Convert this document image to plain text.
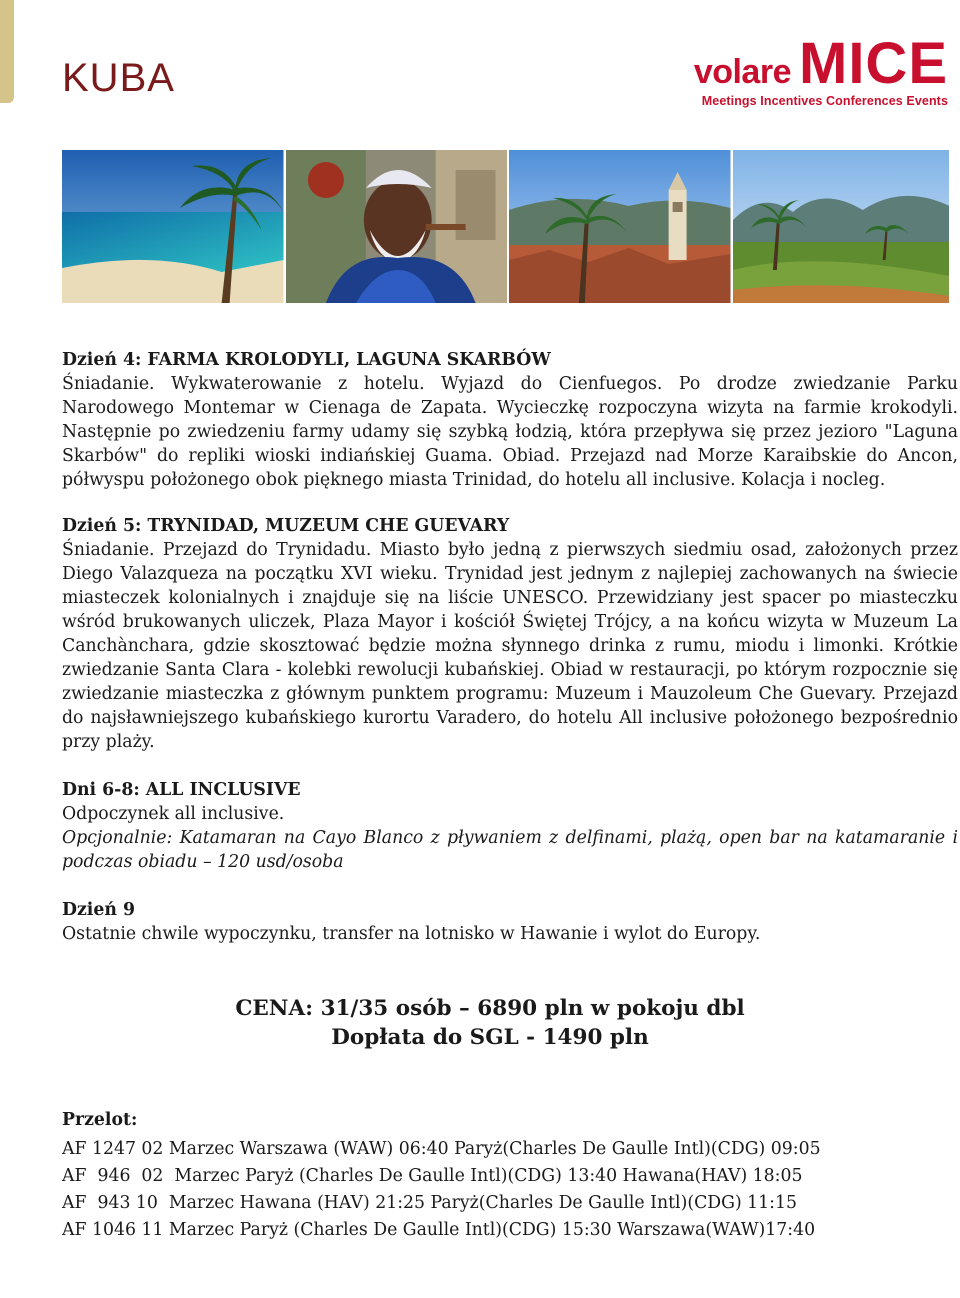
KUBA	volare MICE
Meetings Incentives Conferences Events

Dzień 4: FARMA KROLODYLI, LAGUNA SKARBÓW

Śniadanie. Wykwaterowanie z hotelu. Wyjazd do Cienfuegos. Po drodze zwiedzanie Parku Narodowego Montemar w Cienaga de Zapata. Wycieczkę rozpoczyna wizyta na farmie krokodyli. Następnie po zwiedzeniu farmy udamy się szybką łodzią, która przepływa się przez jezioro "Laguna Skarbów" do repliki wioski indiańskiej Guama. Obiad. Przejazd nad Morze Karaibskie do Ancon, półwyspu położonego obok pięknego miasta Trinidad, do hotelu all inclusive. Kolacja i nocleg.

Dzień 5: TRYNIDAD, MUZEUM CHE GUEVARY

Śniadanie. Przejazd do Trynidadu. Miasto było jedną z pierwszych siedmiu osad, założonych przez Diego Valazqueza na początku XVI wieku. Trynidad jest jednym z najlepiej zachowanych na świecie miasteczek kolonialnych i znajduje się na liście UNESCO. Przewidziany jest spacer po miasteczku wśród brukowanych uliczek, Plaza Mayor i kościół Świętej Trójcy, a na końcu wizyta w Muzeum La Canchànchara, gdzie skosztować będzie można słynnego drinka z rumu, miodu i limonki. Krótkie zwiedzanie Santa Clara - kolebki rewolucji kubańskiej. Obiad w restauracji, po którym rozpocznie się zwiedzanie miasteczka z głównym punktem programu: Muzeum i Mauzoleum Che Guevary. Przejazd do najsławniejszego kubańskiego kurortu Varadero, do hotelu All inclusive położonego bezpośrednio przy plaży.

Dni 6-8: ALL INCLUSIVE

Odpoczynek all inclusive.

Opcjonalnie: Katamaran na Cayo Blanco z pływaniem z delfinami, plażą, open bar na katamaranie i podczas obiadu – 120 usd/osoba

Dzień 9

Ostatnie chwile wypoczynku, transfer na lotnisko w Hawanie i wylot do Europy.

CENA: 31/35 osób – 6890 pln w pokoju dbl
Dopłata do SGL - 1490 pln

Przelot:

AF 1247 02 Marzec Warszawa (WAW) 06:40 Paryż(Charles De Gaulle Intl)(CDG) 09:05
AF  946  02  Marzec Paryż (Charles De Gaulle Intl)(CDG) 13:40 Hawana(HAV) 18:05
AF  943 10  Marzec Hawana (HAV) 21:25 Paryż(Charles De Gaulle Intl)(CDG) 11:15
AF 1046 11 Marzec Paryż (Charles De Gaulle Intl)(CDG) 15:30 Warszawa(WAW)17:40
